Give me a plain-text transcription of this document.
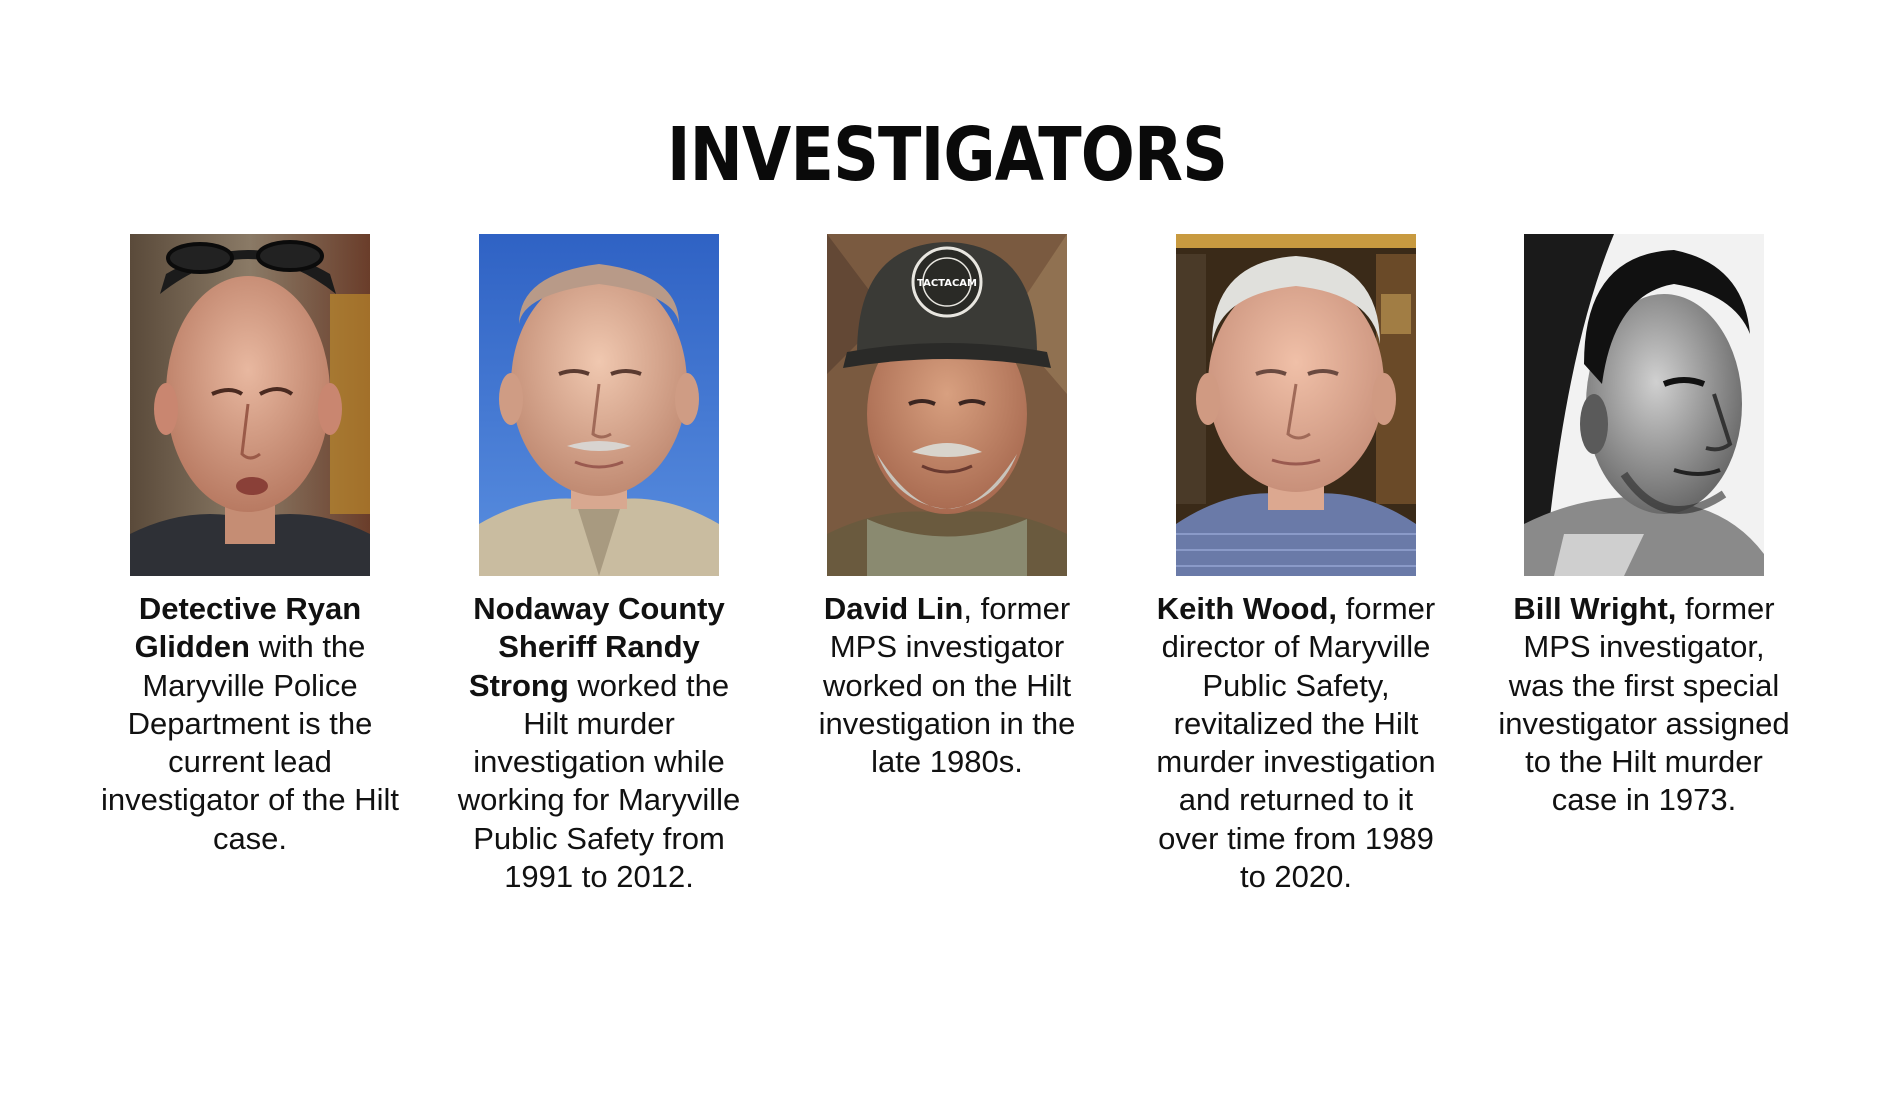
INVESTIGATORS
Detective Ryan Glidden with the Maryville Police Department is the current lead investigator of the Hilt case.
Nodaway County Sheriff Randy Strong worked the Hilt murder investigation while working for Maryville Public Safety from 1991 to 2012.
TACTACAM
David Lin, former MPS investigator worked on the Hilt investigation in the late 1980s.
Keith Wood, former director of Maryville Public Safety, revitalized the Hilt murder investigation and returned to it over time from 1989 to 2020.
Bill Wright, former MPS investigator, was the first special investigator assigned to the Hilt murder case in 1973.
